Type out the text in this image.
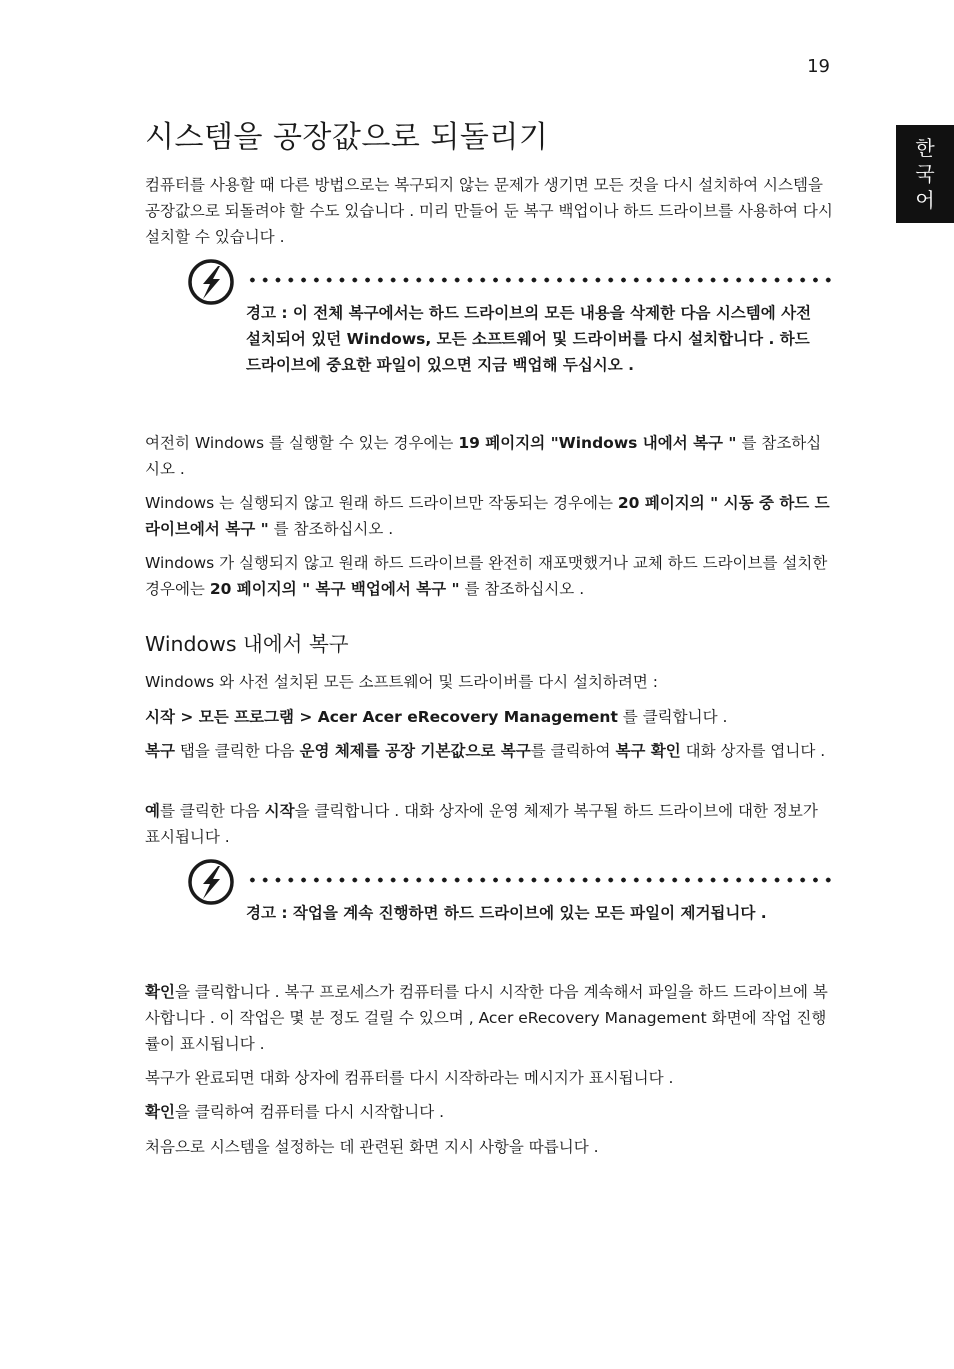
19
한
국
어
시스템을 공장값으로 되돌리기

컴퓨터를 사용할 때 다른 방법으로는 복구되지 않는 문제가 생기면 모든 것을 다시 설치하여 시스템을 공장값으로 되돌려야 할 수도 있습니다 . 미리 만들어 둔 복구 백업이나 하드 드라이브를 사용하여 다시 설치할 수 있습니다 .

경고 : 이 전체 복구에서는 하드 드라이브의 모든 내용을 삭제한 다음 시스템에 사전 설치되어 있던 Windows, 모든 소프트웨어 및 드라이버를 다시 설치합니다 . 하드 드라이브에 중요한 파일이 있으면 지금 백업해 두십시오 .

여전히 Windows 를 실행할 수 있는 경우에는 19 페이지의 "Windows 내에서 복구 " 를 참조하십시오 .

Windows 는 실행되지 않고 원래 하드 드라이브만 작동되는 경우에는 20 페이지의 " 시동 중 하드 드라이브에서 복구 " 를 참조하십시오 .

Windows 가 실행되지 않고 원래 하드 드라이브를 완전히 재포맷했거나 교체 하드 드라이브를 설치한 경우에는 20 페이지의 " 복구 백업에서 복구 " 를 참조하십시오 .

Windows 내에서 복구

Windows 와 사전 설치된 모든 소프트웨어 및 드라이버를 다시 설치하려면 :

시작 > 모든 프로그램 > Acer Acer eRecovery Management 를 클릭합니다 .

복구 탭을 클릭한 다음 운영 체제를 공장 기본값으로 복구를 클릭하여 복구 확인 대화 상자를 엽니다 .

예를 클릭한 다음 시작을 클릭합니다 . 대화 상자에 운영 체제가 복구될 하드 드라이브에 대한 정보가 표시됩니다 .

경고 : 작업을 계속 진행하면 하드 드라이브에 있는 모든 파일이 제거됩니다 .

확인을 클릭합니다 . 복구 프로세스가 컴퓨터를 다시 시작한 다음 계속해서 파일을 하드 드라이브에 복사합니다 . 이 작업은 몇 분 정도 걸릴 수 있으며 , Acer eRecovery Management 화면에 작업 진행률이 표시됩니다 .

복구가 완료되면 대화 상자에 컴퓨터를 다시 시작하라는 메시지가 표시됩니다 .

확인을 클릭하여 컴퓨터를 다시 시작합니다 .

처음으로 시스템을 설정하는 데 관련된 화면 지시 사항을 따릅니다 .
